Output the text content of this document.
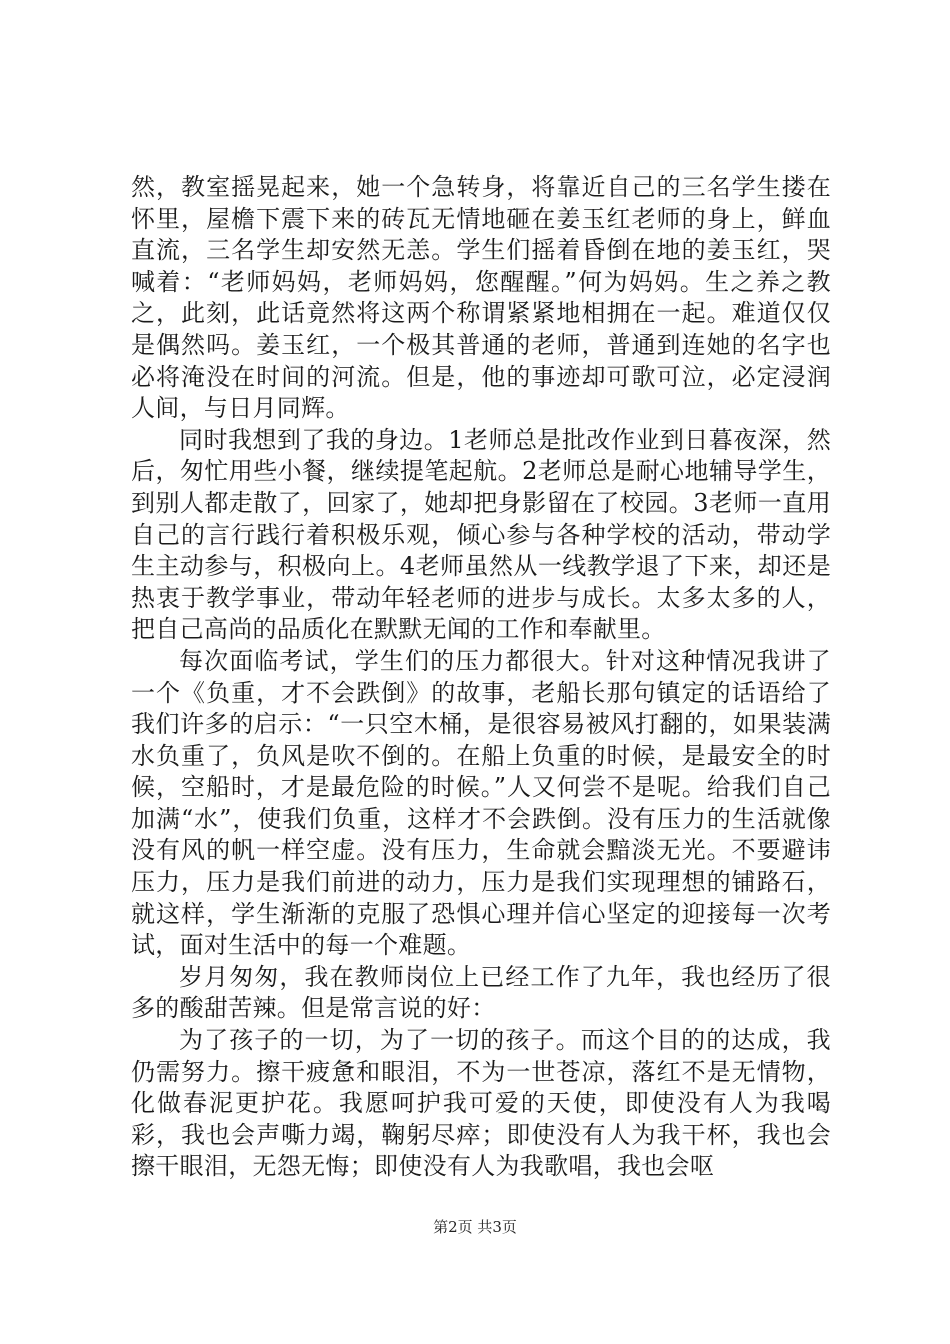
然，教室摇晃起来，她一个急转身，将靠近自己的三名学生搂在怀里，屋檐下震下来的砖瓦无情地砸在姜玉红老师的身上，鲜血直流，三名学生却安然无恙。学生们摇着昏倒在地的姜玉红，哭喊着：“老师妈妈，老师妈妈，您醒醒。”何为妈妈。生之养之教之，此刻，此话竟然将这两个称谓紧紧地相拥在一起。难道仅仅是偶然吗。姜玉红，一个极其普通的老师，普通到连她的名字也必将淹没在时间的河流。但是，他的事迹却可歌可泣，必定浸润人间，与日月同辉。

同时我想到了我的身边。1老师总是批改作业到日暮夜深，然后，匆忙用些小餐，继续提笔起航。2老师总是耐心地辅导学生，到别人都走散了，回家了，她却把身影留在了校园。3老师一直用自己的言行践行着积极乐观，倾心参与各种学校的活动，带动学生主动参与，积极向上。4老师虽然从一线教学退了下来，却还是热衷于教学事业，带动年轻老师的进步与成长。太多太多的人，把自己高尚的品质化在默默无闻的工作和奉献里。

每次面临考试，学生们的压力都很大。针对这种情况我讲了一个《负重，才不会跌倒》的故事，老船长那句镇定的话语给了我们许多的启示：“一只空木桶，是很容易被风打翻的，如果装满水负重了，负风是吹不倒的。在船上负重的时候，是最安全的时候，空船时，才是最危险的时候。”人又何尝不是呢。给我们自己加满“水”，使我们负重，这样才不会跌倒。没有压力的生活就像没有风的帆一样空虚。没有压力，生命就会黯淡无光。不要避讳压力，压力是我们前进的动力，压力是我们实现理想的铺路石，就这样，学生渐渐的克服了恐惧心理并信心坚定的迎接每一次考试，面对生活中的每一个难题。

岁月匆匆，我在教师岗位上已经工作了九年，我也经历了很多的酸甜苦辣。但是常言说的好：

为了孩子的一切，为了一切的孩子。而这个目的的达成，我仍需努力。擦干疲惫和眼泪，不为一世苍凉，落红不是无情物，化做春泥更护花。我愿呵护我可爱的天使，即使没有人为我喝彩，我也会声嘶力竭，鞠躬尽瘁；即使没有人为我干杯，我也会擦干眼泪，无怨无悔；即使没有人为我歌唱，我也会呕

第2页 共3页
